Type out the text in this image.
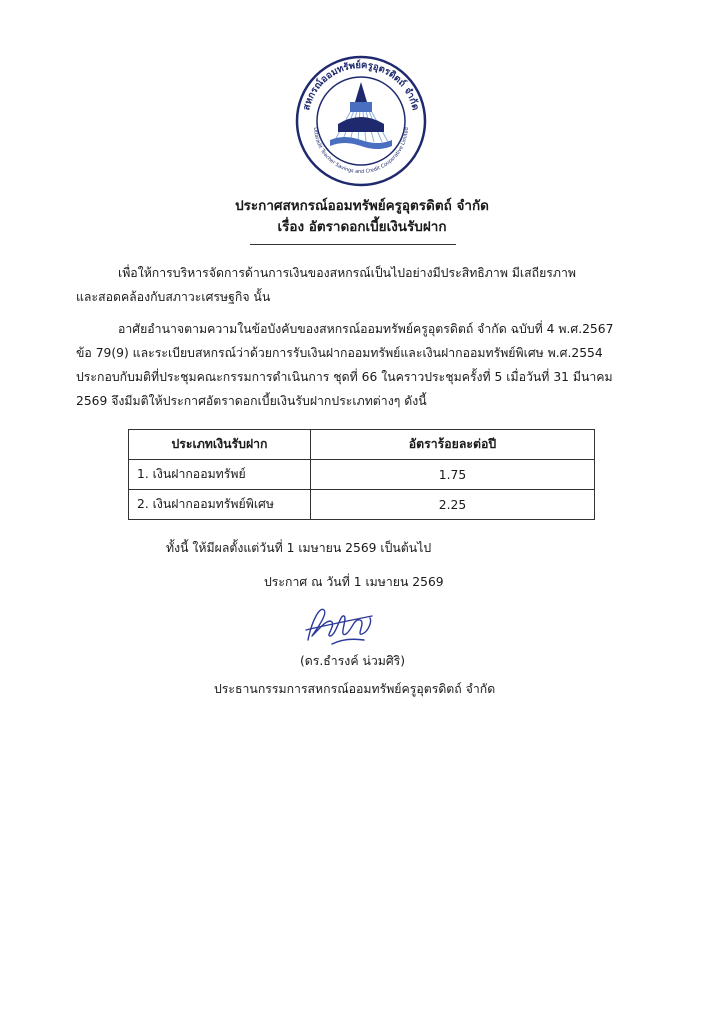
สหกรณ์ออมทรัพย์ครูอุตรดิตถ์ จำกัด
Uttaradit Teacher Savings and Credit Cooperative Limited
ประกาศสหกรณ์ออมทรัพย์ครูอุตรดิตถ์ จำกัด
เรื่อง อัตราดอกเบี้ยเงินรับฝาก
เพื่อให้การบริหารจัดการด้านการเงินของสหกรณ์เป็นไปอย่างมีประสิทธิภาพ มีเสถียรภาพ
และสอดคล้องกับสภาวะเศรษฐกิจ นั้น
อาศัยอำนาจตามความในข้อบังคับของสหกรณ์ออมทรัพย์ครูอุตรดิตถ์ จำกัด ฉบับที่ 4 พ.ศ.2567
ข้อ 79(9) และระเบียบสหกรณ์ว่าด้วยการรับเงินฝากออมทรัพย์และเงินฝากออมทรัพย์พิเศษ พ.ศ.2554
ประกอบกับมติที่ประชุมคณะกรรมการดำเนินการ ชุดที่ 66 ในคราวประชุมครั้งที่ 5 เมื่อวันที่ 31 มีนาคม
2569 จึงมีมติให้ประกาศอัตราดอกเบี้ยเงินรับฝากประเภทต่างๆ ดังนี้
ประเภทเงินรับฝาก	อัตราร้อยละต่อปี
1. เงินฝากออมทรัพย์	1.75
2. เงินฝากออมทรัพย์พิเศษ	2.25
ทั้งนี้ ให้มีผลตั้งแต่วันที่ 1 เมษายน 2569 เป็นต้นไป
ประกาศ ณ วันที่ 1 เมษายน 2569
(ดร.ธำรงค์ น่วมศิริ)
ประธานกรรมการสหกรณ์ออมทรัพย์ครูอุตรดิตถ์ จำกัด
